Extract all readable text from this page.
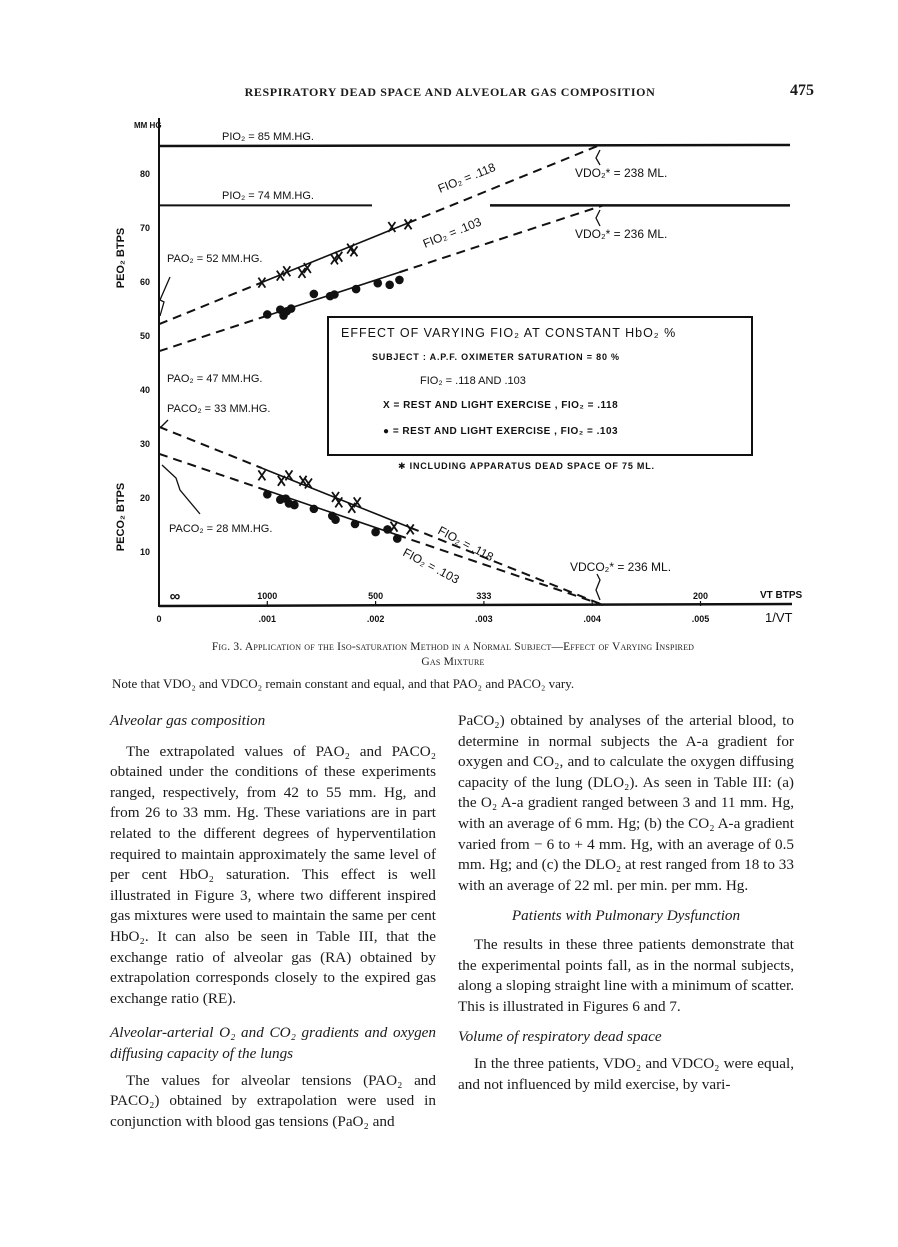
RESPIRATORY DEAD SPACE AND ALVEOLAR GAS COMPOSITION	475
MM HG
PEO₂ BTPS
PECO₂ BTPS
VT BTPS
1/VT
10
20
30
40
50
60
70
80
0	.001	.002	.003	.004	.005
∞	1000	500	333	200
PIO₂ = 85 MM.HG.
PIO₂ = 74 MM.HG.
PAO₂ = 52 MM.HG.
PAO₂ = 47 MM.HG.
PACO₂ = 33 MM.HG.
PACO₂ = 28 MM.HG.
VDO₂* = 238 ML.
VDO₂* = 236 ML.
VDCO₂* = 236 ML.
FIO₂ = .118
FIO₂ = .103
FIO₂ = .118
FIO₂ = .103
EFFECT OF VARYING FIO₂ AT CONSTANT HbO₂ %
SUBJECT : A.P.F. OXIMETER SATURATION = 80 %
FIO₂ = .118 AND .103
X = REST AND LIGHT EXERCISE , FIO₂ = .118
● = REST AND LIGHT EXERCISE , FIO₂ = .103
✱ INCLUDING APPARATUS DEAD SPACE OF 75 ML.
Fig. 3. Application of the Iso-saturation Method in a Normal Subject—Effect of Varying Inspired
Gas Mixture
Note that VDO₂ and VDCO₂ remain constant and equal, and that PAO₂ and PACO₂ vary.
Alveolar gas composition

The extrapolated values of PAO₂ and PACO₂ obtained under the conditions of these experiments ranged, respectively, from 42 to 55 mm. Hg, and from 26 to 33 mm. Hg. These variations are in part related to the different degrees of hyperventilation required to maintain approximately the same level of per cent HbO₂ saturation. This effect is well illustrated in Figure 3, where two different inspired gas mixtures were used to maintain the same per cent HbO₂. It can also be seen in Table III, that the exchange ratio of alveolar gas (RA) obtained by extrapolation corresponds closely to the expired gas exchange ratio (RE).

Alveolar-arterial O₂ and CO₂ gradients and oxygen diffusing capacity of the lungs

The values for alveolar tensions (PAO₂ and PACO₂) obtained by extrapolation were used in conjunction with blood gas tensions (PaO₂ and

PaCO₂) obtained by analyses of the arterial blood, to determine in normal subjects the A-a gradient for oxygen and CO₂, and to calculate the oxygen diffusing capacity of the lung (DLO₂). As seen in Table III: (a) the O₂ A-a gradient ranged between 3 and 11 mm. Hg, with an average of 6 mm. Hg; (b) the CO₂ A-a gradient varied from − 6 to + 4 mm. Hg, with an average of 0.5 mm. Hg; and (c) the DLO₂ at rest ranged from 18 to 33 with an average of 22 ml. per min. per mm. Hg.

Patients with Pulmonary Dysfunction

The results in these three patients demonstrate that the experimental points fall, as in the normal subjects, along a sloping straight line with a minimum of scatter. This is illustrated in Figures 6 and 7.

Volume of respiratory dead space

In the three patients, VDO₂ and VDCO₂ were equal, and not influenced by mild exercise, by vari-
